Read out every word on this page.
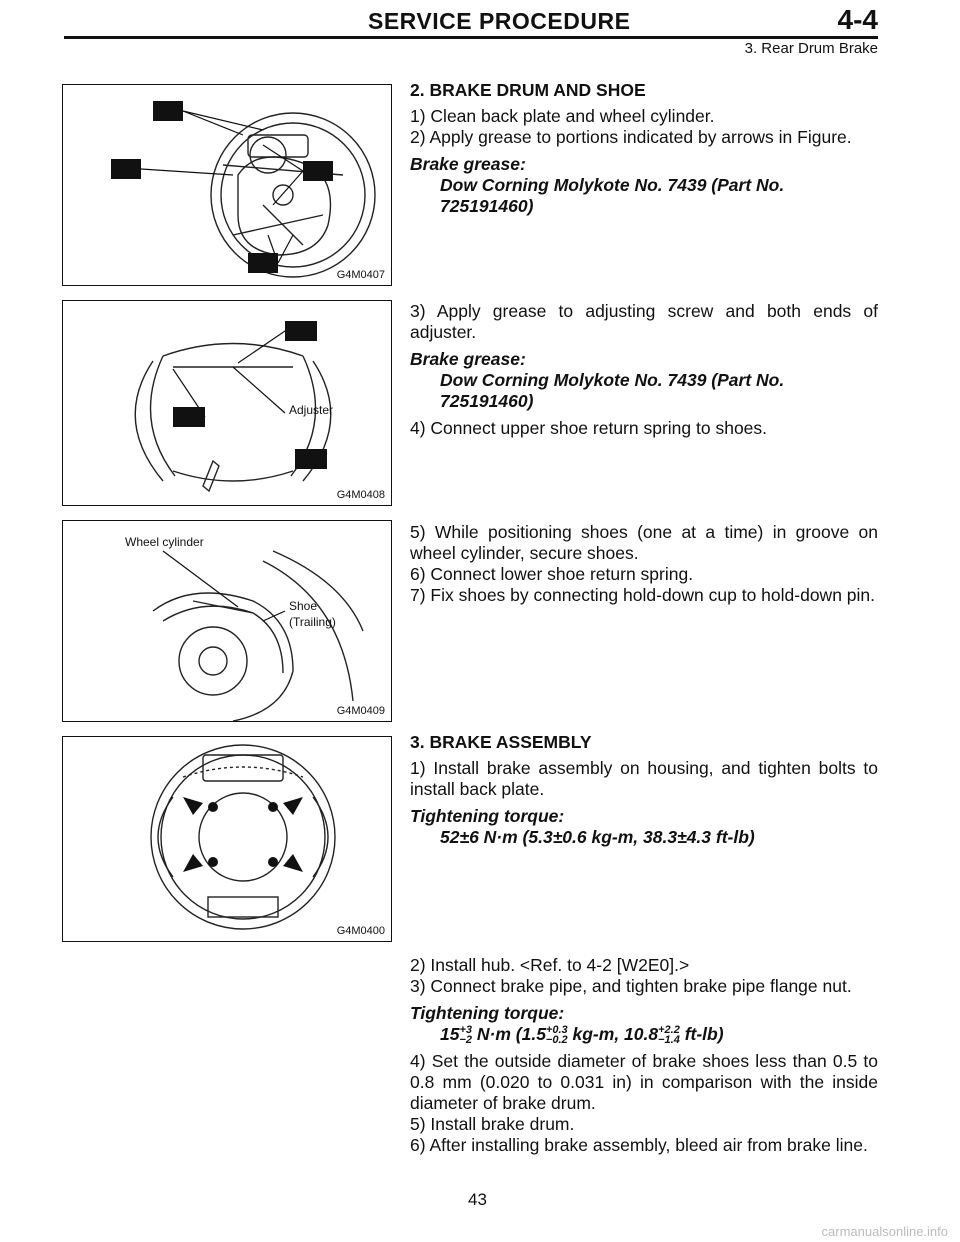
SERVICE PROCEDURE	4-4
3. Rear Drum Brake
G4M0407
Adjuster
G4M0408
Wheel cylinder
Shoe
(Trailing)
G4M0409
G4M0400

2. BRAKE DRUM AND SHOE

1) Clean back plate and wheel cylinder.

2) Apply grease to portions indicated by arrows in Figure.

Brake grease:

Dow Corning Molykote No. 7439 (Part No.

725191460)

3) Apply grease to adjusting screw and both ends of adjuster.

Brake grease:

Dow Corning Molykote No. 7439 (Part No.

725191460)

4) Connect upper shoe return spring to shoes.

5) While positioning shoes (one at a time) in groove on wheel cylinder, secure shoes.

6) Connect lower shoe return spring.

7) Fix shoes by connecting hold-down cup to hold-down pin.

3. BRAKE ASSEMBLY

1) Install brake assembly on housing, and tighten bolts to install back plate.

Tightening torque:

52±6 N·m (5.3±0.6 kg-m, 38.3±4.3 ft-lb)

2) Install hub. <Ref. to 4-2 [W2E0].>

3) Connect brake pipe, and tighten brake pipe flange nut.

Tightening torque:

15 +3
−2 N·m (1.5 +0.3
−0.2 kg-m, 10.8 +2.2
−1.4 ft-lb)

4) Set the outside diameter of brake shoes less than 0.5 to 0.8 mm (0.020 to 0.031 in) in comparison with the inside diameter of brake drum.

5) Install brake drum.

6) After installing brake assembly, bleed air from brake line.

43
carmanualsonline.info
